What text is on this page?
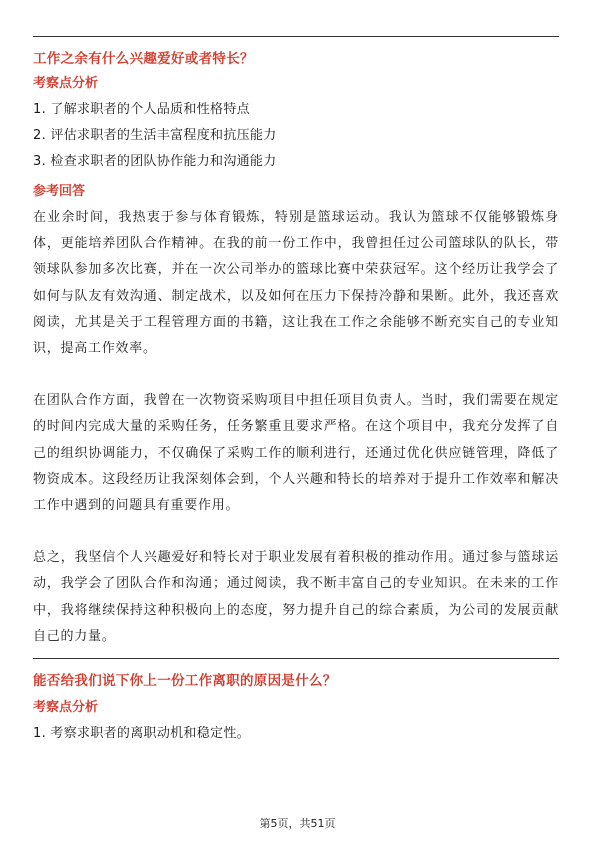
工作之余有什么兴趣爱好或者特长？
考察点分析
1. 了解求职者的个人品质和性格特点
2. 评估求职者的生活丰富程度和抗压能力
3. 检查求职者的团队协作能力和沟通能力
参考回答

在业余时间，我热衷于参与体育锻炼，特别是篮球运动。我认为篮球不仅能够锻炼身体，更能培养团队合作精神。在我的前一份工作中，我曾担任过公司篮球队的队长，带领球队参加多次比赛，并在一次公司举办的篮球比赛中荣获冠军。这个经历让我学会了如何与队友有效沟通、制定战术，以及如何在压力下保持冷静和果断。此外，我还喜欢阅读，尤其是关于工程管理方面的书籍，这让我在工作之余能够不断充实自己的专业知识，提高工作效率。

在团队合作方面，我曾在一次物资采购项目中担任项目负责人。当时，我们需要在规定的时间内完成大量的采购任务，任务繁重且要求严格。在这个项目中，我充分发挥了自己的组织协调能力，不仅确保了采购工作的顺利进行，还通过优化供应链管理，降低了物资成本。这段经历让我深刻体会到，个人兴趣和特长的培养对于提升工作效率和解决工作中遇到的问题具有重要作用。

总之，我坚信个人兴趣爱好和特长对于职业发展有着积极的推动作用。通过参与篮球运动，我学会了团队合作和沟通；通过阅读，我不断丰富自己的专业知识。在未来的工作中，我将继续保持这种积极向上的态度，努力提升自己的综合素质，为公司的发展贡献自己的力量。

能否给我们说下你上一份工作离职的原因是什么？
考察点分析
1. 考察求职者的离职动机和稳定性。
第5页，共51页
